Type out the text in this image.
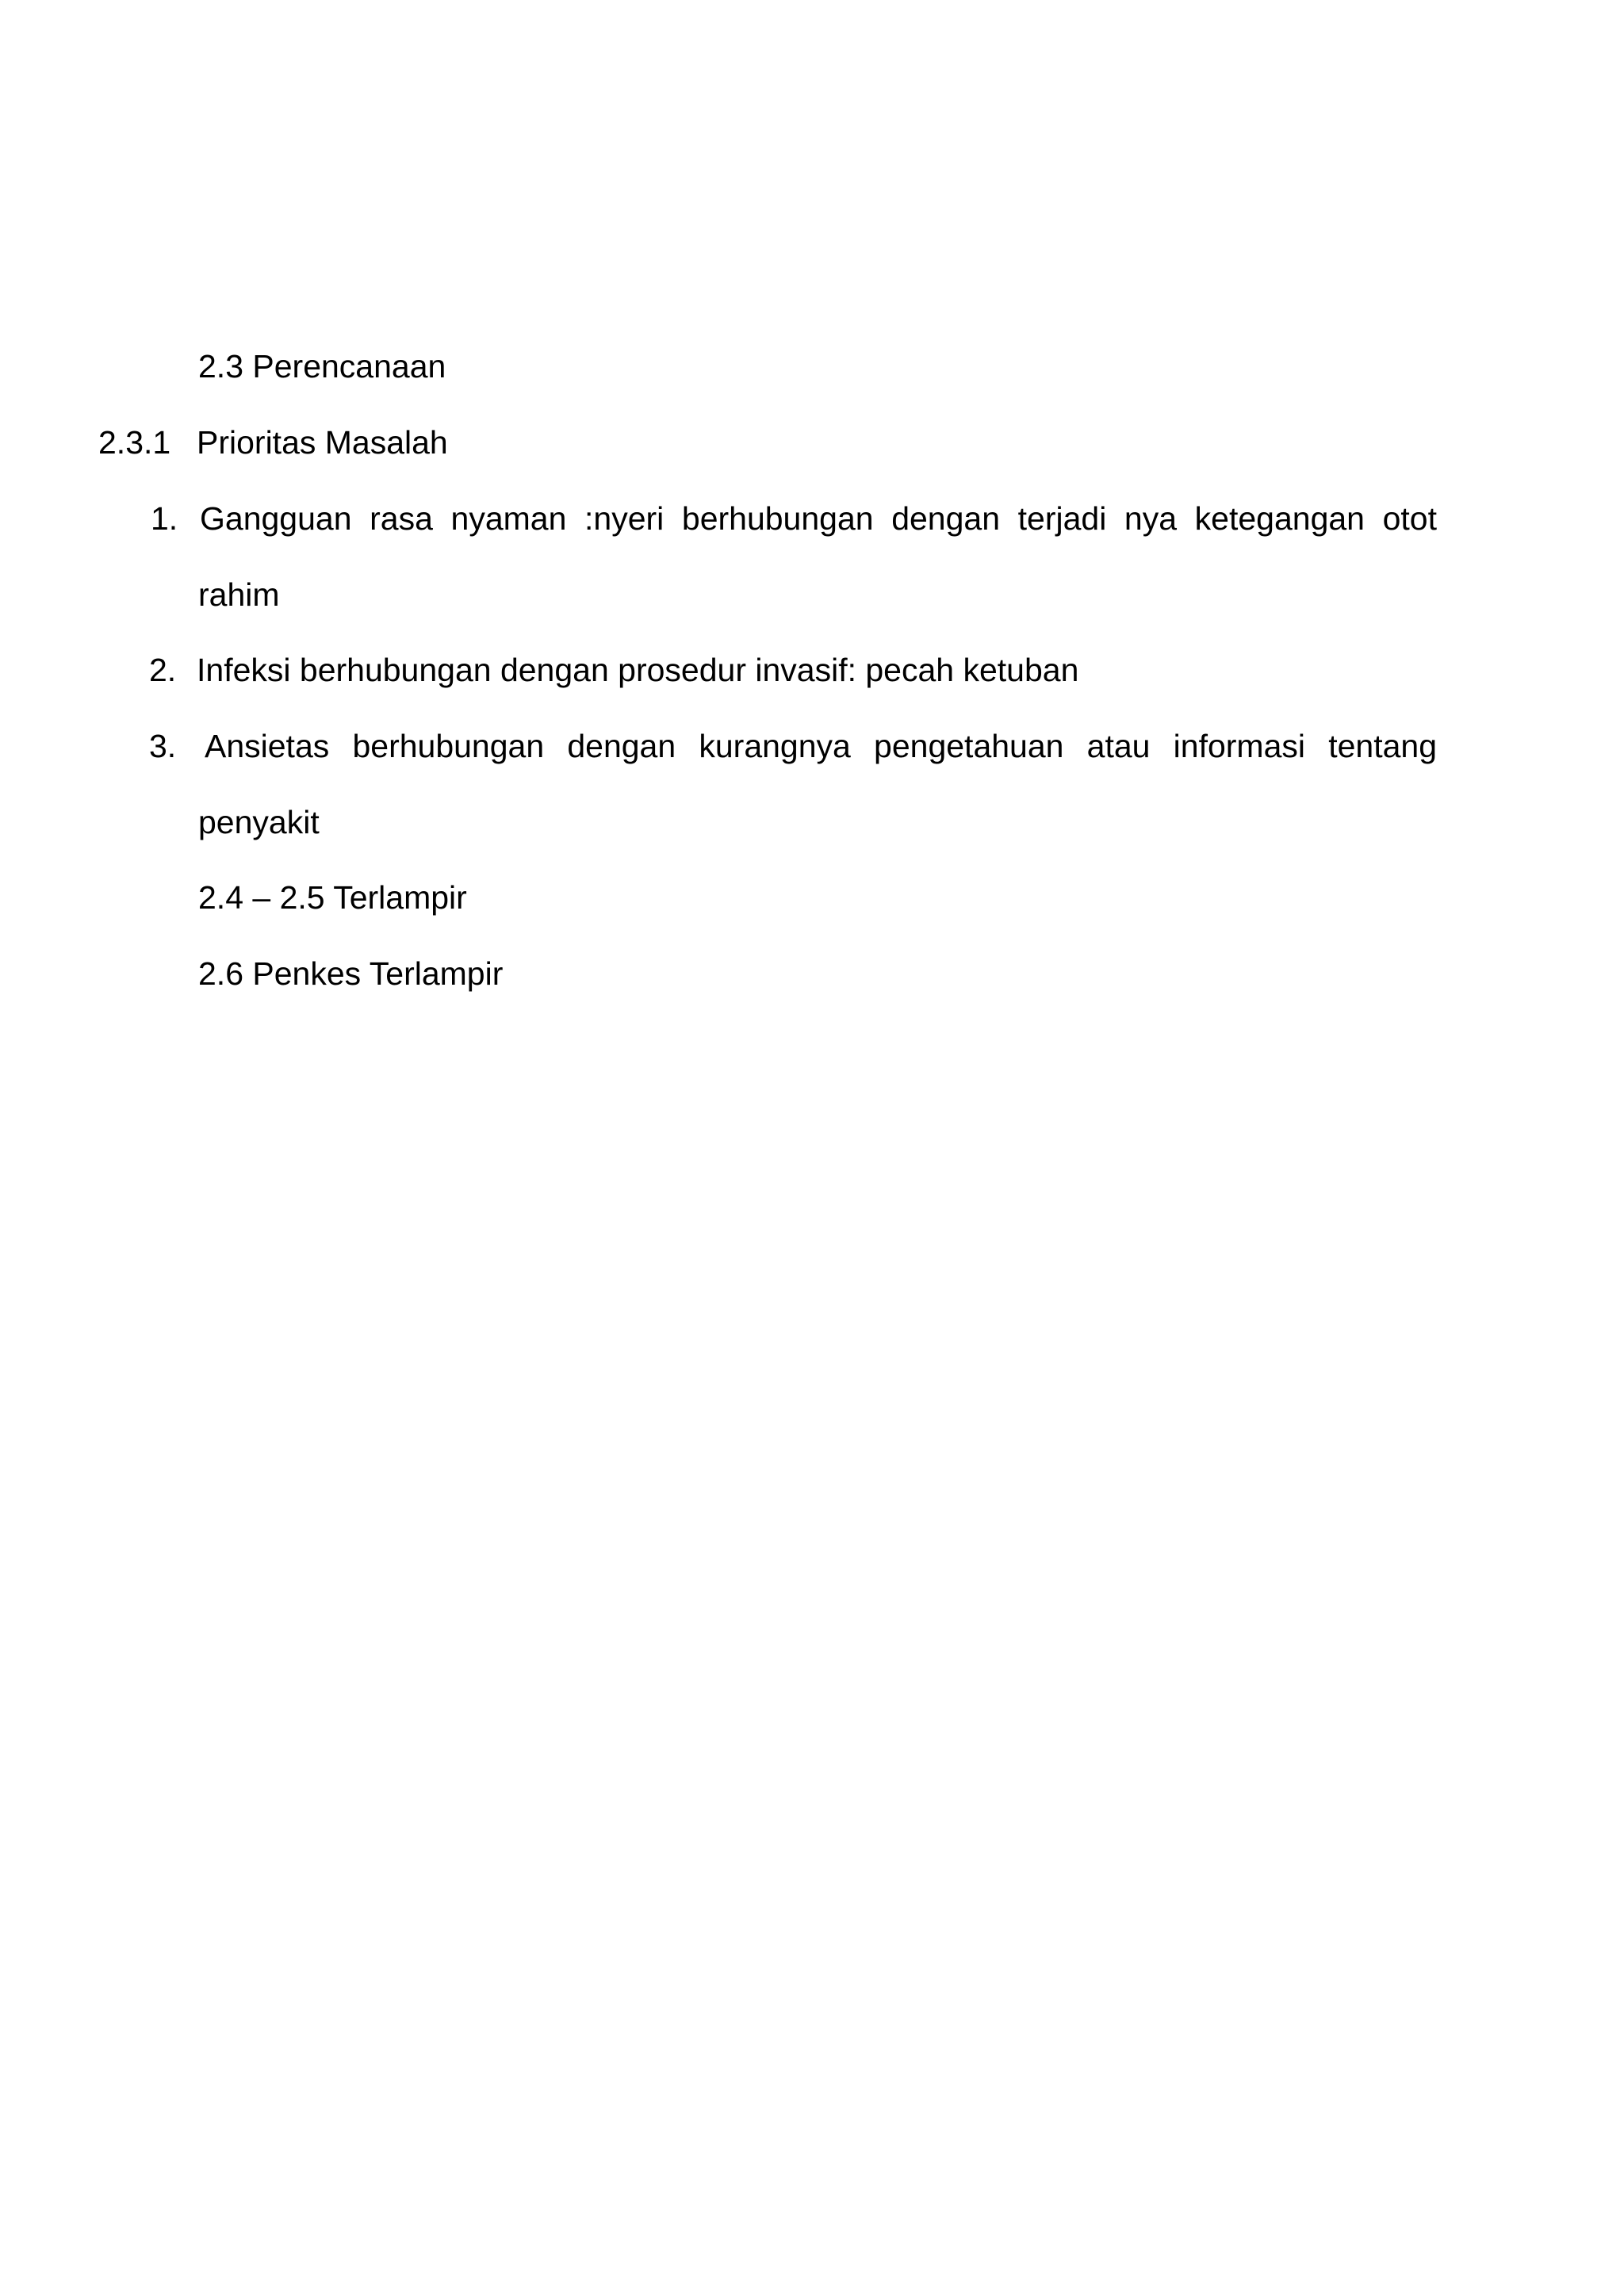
2.3 Perencanaan
2.3.1 Prioritas Masalah
1. Gangguan rasa nyaman :nyeri berhubungan dengan terjadi nya ketegangan otot
rahim
2. Infeksi berhubungan dengan prosedur invasif: pecah ketuban
3. Ansietas berhubungan dengan kurangnya pengetahuan atau informasi tentang
penyakit
2.4 – 2.5 Terlampir
2.6 Penkes Terlampir
